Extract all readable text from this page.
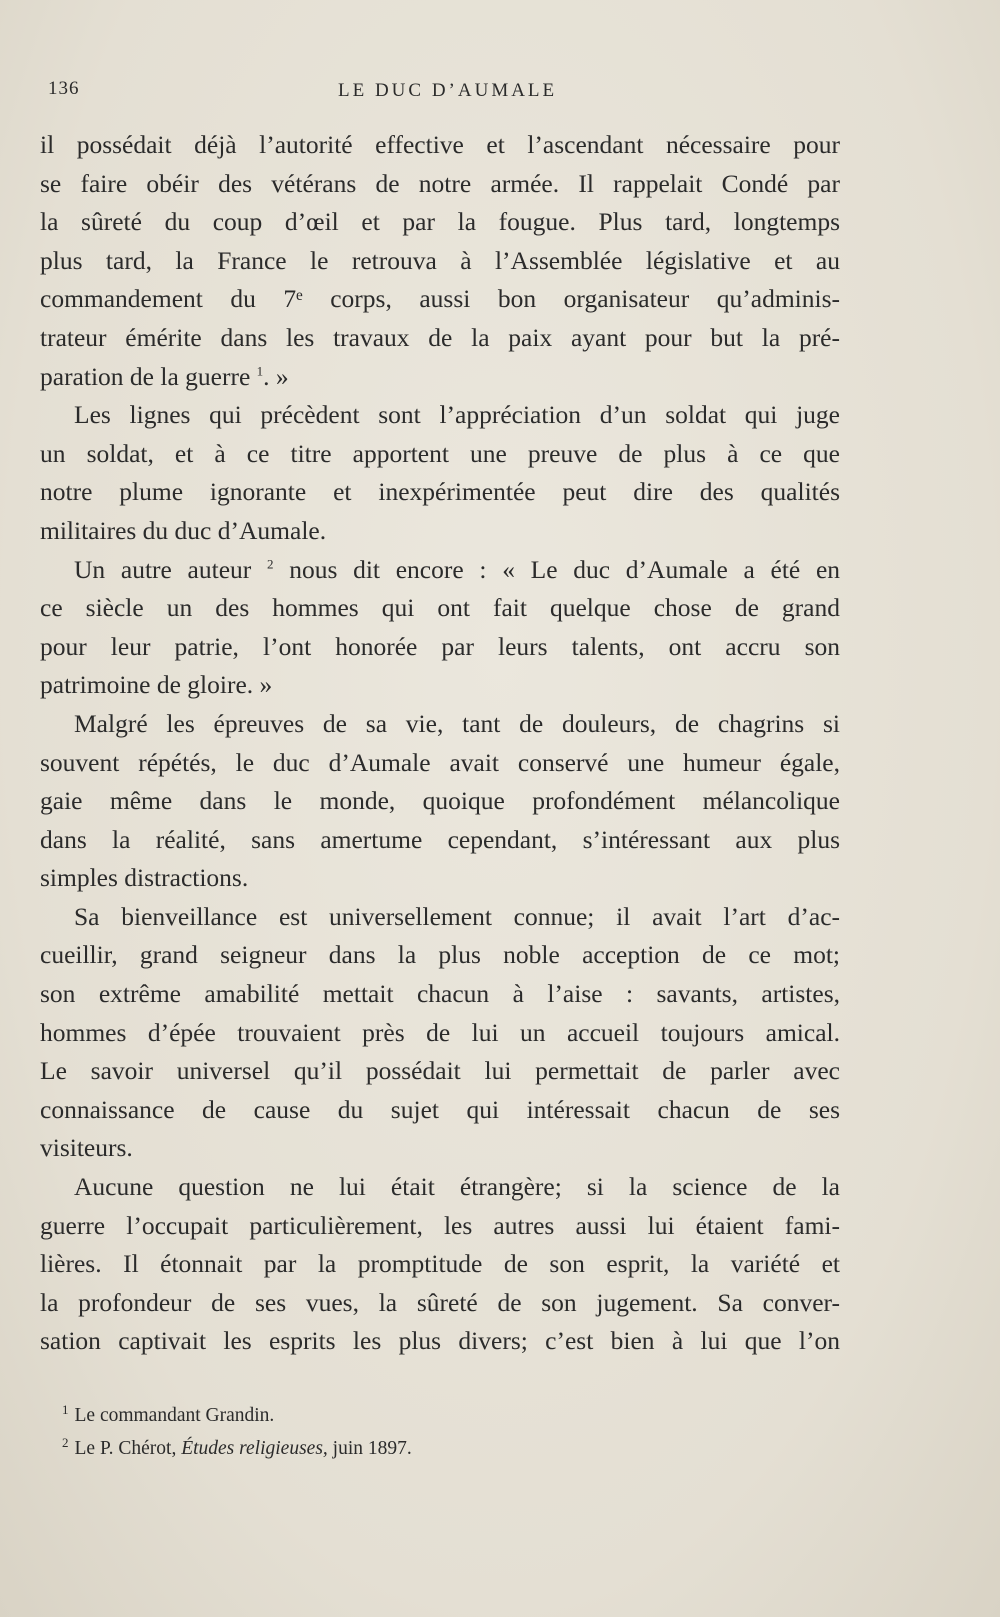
136	LE DUC D’AUMALE
il possédait déjà l’autorité effective et l’ascendant nécessaire pour
se faire obéir des vétérans de notre armée. Il rappelait Condé par
la sûreté du coup d’œil et par la fougue. Plus tard, longtemps
plus tard, la France le retrouva à l’Assemblée législative et au
commandement du 7ᵉ corps, aussi bon organisateur qu’adminis-
trateur émérite dans les travaux de la paix ayant pour but la pré-
paration de la guerre $^1$. »
Les lignes qui précèdent sont l’appréciation d’un soldat qui juge
un soldat, et à ce titre apportent une preuve de plus à ce que
notre plume ignorante et inexpérimentée peut dire des qualités
militaires du duc d’Aumale.
Un autre auteur $^2$ nous dit encore : « Le duc d’Aumale a été en
ce siècle un des hommes qui ont fait quelque chose de grand
pour leur patrie, l’ont honorée par leurs talents, ont accru son
patrimoine de gloire. »
Malgré les épreuves de sa vie, tant de douleurs, de chagrins si
souvent répétés, le duc d’Aumale avait conservé une humeur égale,
gaie même dans le monde, quoique profondément mélancolique
dans la réalité, sans amertume cependant, s’intéressant aux plus
simples distractions.
Sa bienveillance est universellement connue; il avait l’art d’ac-
cueillir, grand seigneur dans la plus noble acception de ce mot;
son extrême amabilité mettait chacun à l’aise : savants, artistes,
hommes d’épée trouvaient près de lui un accueil toujours amical.
Le savoir universel qu’il possédait lui permettait de parler avec
connaissance de cause du sujet qui intéressait chacun de ses
visiteurs.
Aucune question ne lui était étrangère; si la science de la
guerre l’occupait particulièrement, les autres aussi lui étaient fami-
lières. Il étonnait par la promptitude de son esprit, la variété et
la profondeur de ses vues, la sûreté de son jugement. Sa conver-
sation captivait les esprits les plus divers; c’est bien à lui que l’on
$^1$ Le commandant Grandin.
$^2$ Le P. Chérot, Études religieuses, juin 1897.
